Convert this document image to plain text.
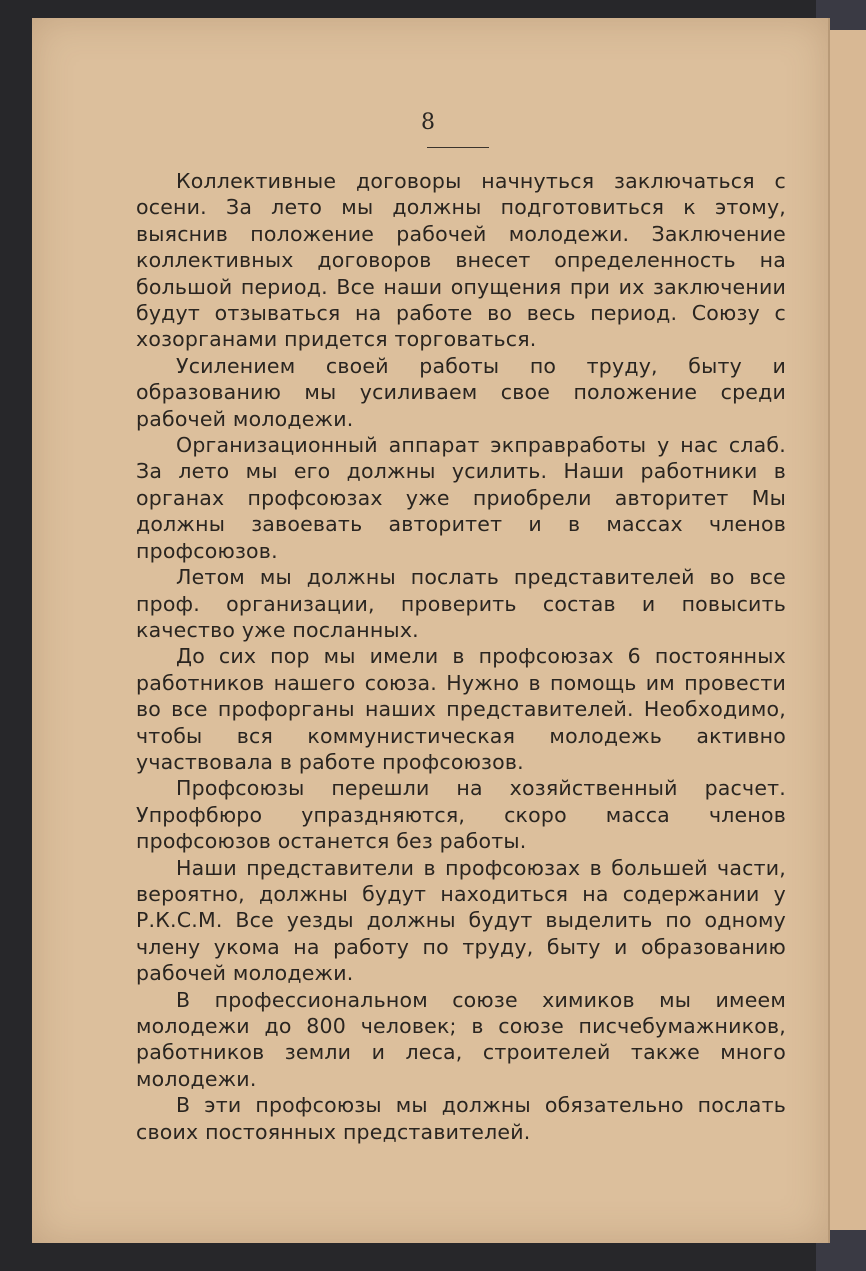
8

Коллективные договоры начнуться заключаться с осени. За лето мы должны подготовиться к этому, выяснив положение рабочей молодежи. Заключение коллективных договоров внесет определенность на большой период. Все наши опущения при их заключении будут отзываться на работе во весь период. Союзу с хозорганами придется торговаться.

Усилением своей работы по труду, быту и образованию мы усиливаем свое положение среди рабочей молодежи.

Организационный аппарат экправработы у нас слаб. За лето мы его должны усилить. Наши работники в органах профсоюзах уже приобрели авторитет Мы должны завоевать авторитет и в массах членов профсоюзов.

Летом мы должны послать представителей во все проф. организации, проверить состав и повысить качество уже посланных.

До сих пор мы имели в профсоюзах 6 постоянных работников нашего союза. Нужно в помощь им провести во все профорганы наших представителей. Необходимо, чтобы вся коммунистическая молодежь активно участвовала в работе профсоюзов.

Профсоюзы перешли на хозяйственный расчет. Упрофбюро упраздняются, скоро масса членов профсоюзов останется без работы.

Наши представители в профсоюзах в большей части, вероятно, должны будут находиться на содержании у Р.К.С.М. Все уезды должны будут выделить по одному члену укома на работу по труду, быту и образованию рабочей молодежи.

В профессиональном союзе химиков мы имеем молодежи до 800 человек; в союзе писчебумажников, работников земли и леса, строителей также много молодежи.

В эти профсоюзы мы должны обязательно послать своих постоянных представителей.
